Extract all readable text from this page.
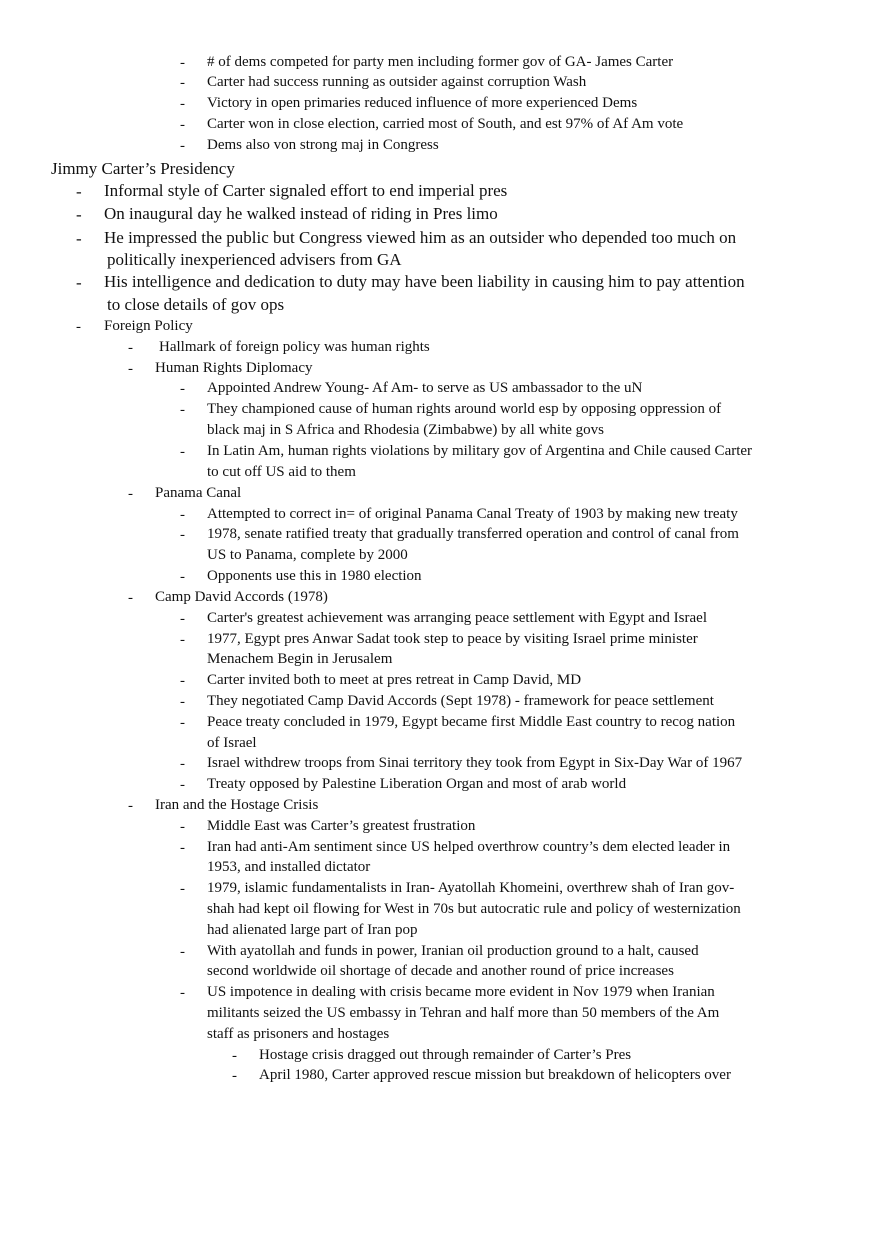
- # of dems competed for party men including former gov of GA- James Carter
- Carter had success running as outsider against corruption Wash
- Victory in open primaries reduced influence of more experienced Dems
- Carter won in close election, carried most of South, and est 97% of Af Am vote
- Dems also von strong maj in Congress
Jimmy Carter’s Presidency
- Informal style of Carter signaled effort to end imperial pres
- On inaugural day he walked instead of riding in Pres limo
- He impressed the public but Congress viewed him as an outsider who depended too much on
politically inexperienced advisers from GA
- His intelligence and dedication to duty may have been liability in causing him to pay attention
to close details of gov ops
- Foreign Policy
- Hallmark of foreign policy was human rights
- Human Rights Diplomacy
- Appointed Andrew Young- Af Am- to serve as US ambassador to the uN
- They championed cause of human rights around world esp by opposing oppression of
black maj in S Africa and Rhodesia (Zimbabwe) by all white govs
- In Latin Am, human rights violations by military gov of Argentina and Chile caused Carter
to cut off US aid to them
- Panama Canal
- Attempted to correct in= of original Panama Canal Treaty of 1903 by making new treaty
- 1978, senate ratified treaty that gradually transferred operation and control of canal from
US to Panama, complete by 2000
- Opponents use this in 1980 election
- Camp David Accords (1978)
- Carter's greatest achievement was arranging peace settlement with Egypt and Israel
- 1977, Egypt pres Anwar Sadat took step to peace by visiting Israel prime minister
Menachem Begin in Jerusalem
- Carter invited both to meet at pres retreat in Camp David, MD
- They negotiated Camp David Accords (Sept 1978) - framework for peace settlement
- Peace treaty concluded in 1979, Egypt became first Middle East country to recog nation
of Israel
- Israel withdrew troops from Sinai territory they took from Egypt in Six-Day War of 1967
- Treaty opposed by Palestine Liberation Organ and most of arab world
- Iran and the Hostage Crisis
- Middle East was Carter’s greatest frustration
- Iran had anti-Am sentiment since US helped overthrow country’s dem elected leader in
1953, and installed dictator
- 1979, islamic fundamentalists in Iran- Ayatollah Khomeini, overthrew shah of Iran gov-
shah had kept oil flowing for West in 70s but autocratic rule and policy of westernization
had alienated large part of Iran pop
- With ayatollah and funds in power, Iranian oil production ground to a halt, caused
second worldwide oil shortage of decade and another round of price increases
- US impotence in dealing with crisis became more evident in Nov 1979 when Iranian
militants seized the US embassy in Tehran and half more than 50 members of the Am
staff as prisoners and hostages
- Hostage crisis dragged out through remainder of Carter’s Pres
- April 1980, Carter approved rescue mission but breakdown of helicopters over
